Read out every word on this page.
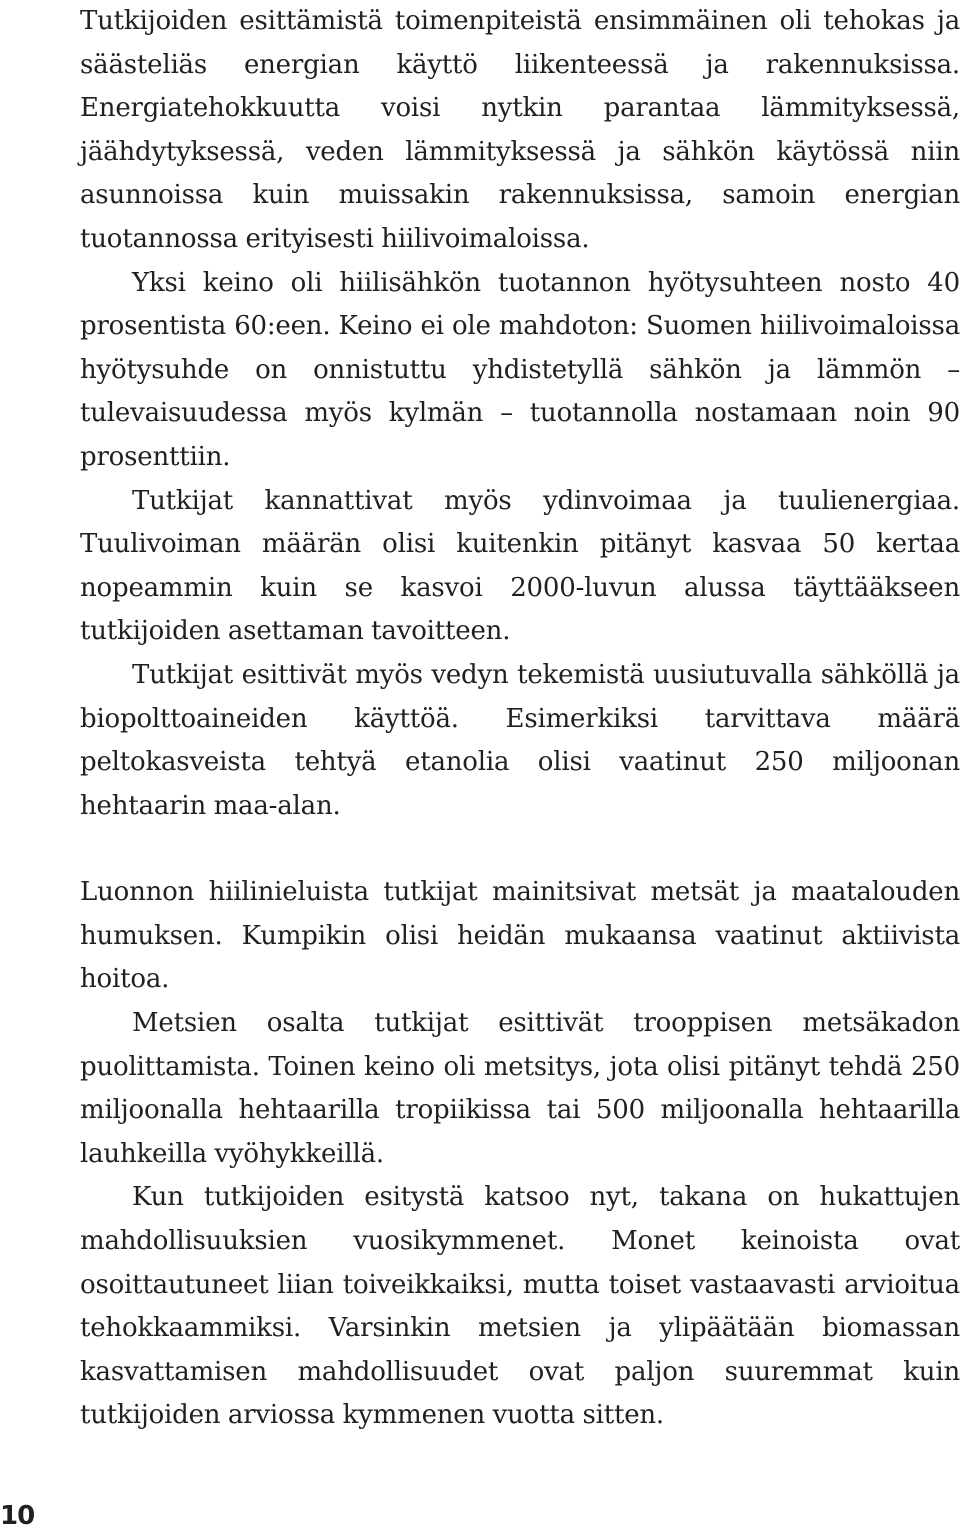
Tutkijoiden esittämistä toimenpiteistä ensimmäinen oli tehokas ja säästeliäs energian käyttö liikenteessä ja rakennuksissa. Energiatehokkuutta voisi nytkin parantaa lämmityksessä, jäähdytyksessä, veden lämmityksessä ja sähkön käytössä niin asunnoissa kuin muissakin rakennuksissa, samoin energian tuotannossa erityisesti hiilivoimaloissa.

Yksi keino oli hiilisähkön tuotannon hyötysuhteen nosto 40 prosentista 60:een. Keino ei ole mahdoton: Suomen hiilivoimaloissa hyötysuhde on onnistuttu yhdistetyllä sähkön ja lämmön – tulevaisuudessa myös kylmän – tuotannolla nostamaan noin 90 prosenttiin.

Tutkijat kannattivat myös ydinvoimaa ja tuulienergiaa. Tuulivoiman määrän olisi kuitenkin pitänyt kasvaa 50 kertaa nopeammin kuin se kasvoi 2000-luvun alussa täyttääkseen tutkijoiden asettaman tavoitteen.

Tutkijat esittivät myös vedyn tekemistä uusiutuvalla sähköllä ja biopolttoaineiden käyttöä. Esimerkiksi tarvittava määrä peltokasveista tehtyä etanolia olisi vaatinut 250 miljoonan hehtaarin maa-alan.

Luonnon hiilinieluista tutkijat mainitsivat metsät ja maatalouden humuksen. Kumpikin olisi heidän mukaansa vaatinut aktiivista hoitoa.

Metsien osalta tutkijat esittivät trooppisen metsäkadon puolittamista. Toinen keino oli metsitys, jota olisi pitänyt tehdä 250 miljoonalla hehtaarilla tropiikissa tai 500 miljoonalla hehtaarilla lauhkeilla vyöhykkeillä.

Kun tutkijoiden esitystä katsoo nyt, takana on hukattujen mahdollisuuksien vuosikymmenet. Monet keinoista ovat osoittautuneet liian toiveikkaiksi, mutta toiset vastaavasti arvioitua tehokkaammiksi. Varsinkin metsien ja ylipäätään biomassan kasvattamisen mahdollisuudet ovat paljon suuremmat kuin tutkijoiden arviossa kymmenen vuotta sitten.

10
